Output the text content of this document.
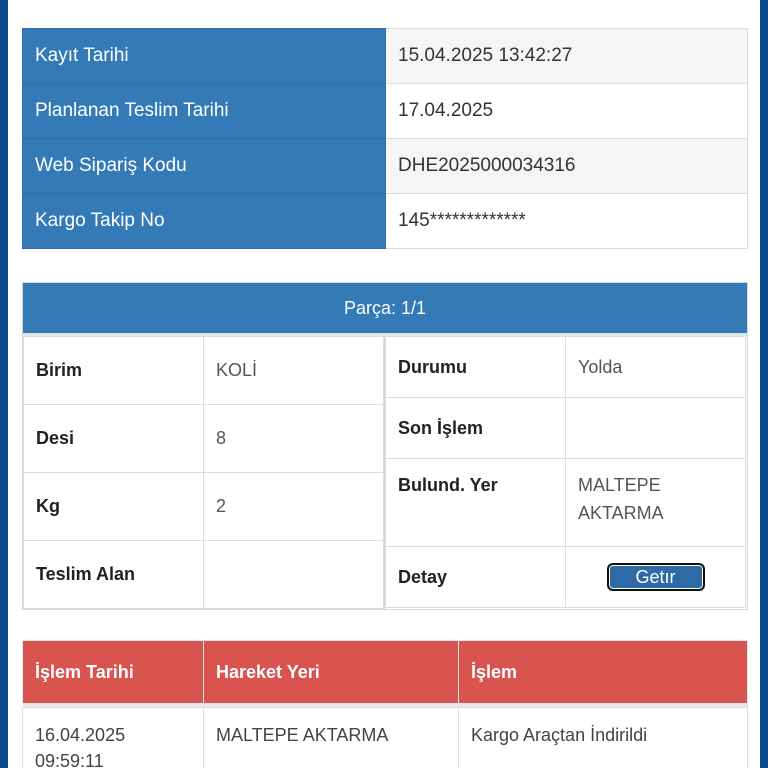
Kayıt Tarihi	15.04.2025 13:42:27
Planlanan Teslim Tarihi	17.04.2025
Web Sipariş Kodu	DHE2025000034316
Kargo Takip No	145*************
Parça: 1/1
Birim	KOLİ
Desi	8
Kg	2
Teslim Alan	
Durumu	Yolda
Son İşlem	
Bulund. Yer	MALTEPE AKTARMA
Detay	Getır
İşlem Tarihi	Hareket Yeri	İşlem

16.04.2025 09:59:11	MALTEPE AKTARMA	Kargo Araçtan İndirildi
